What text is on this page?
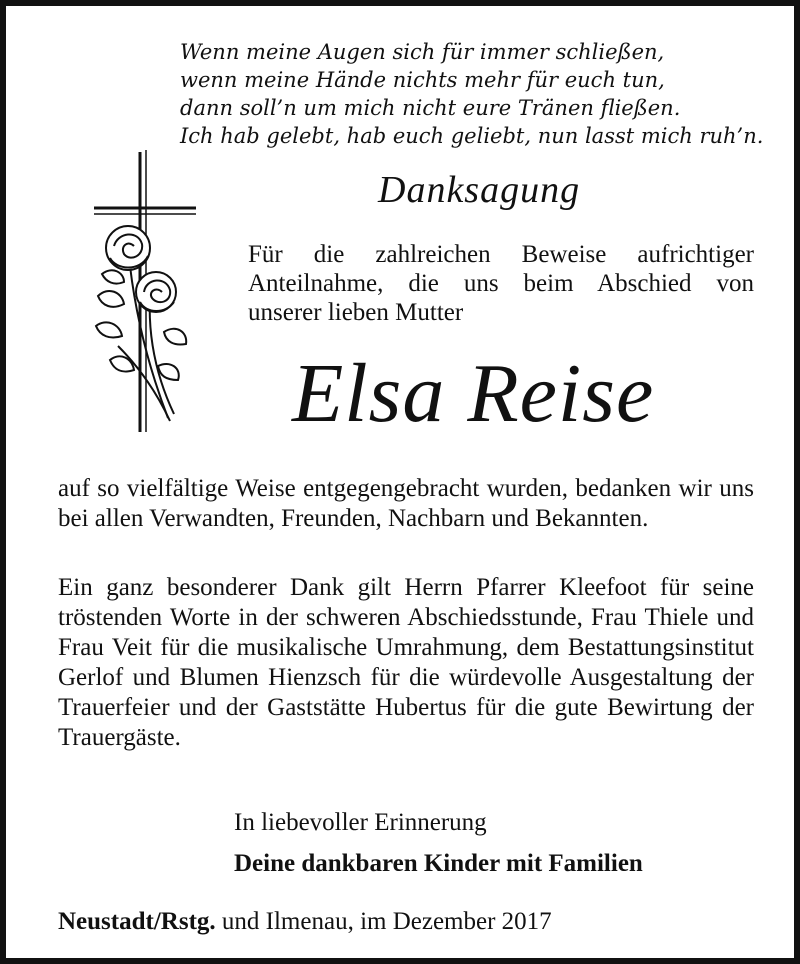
Wenn meine Augen sich für immer schließen,
wenn meine Hände nichts mehr für euch tun,
dann soll’n um mich nicht eure Tränen fließen.
Ich hab gelebt, hab euch geliebt, nun lasst mich ruh’n.
Danksagung
Für die zahlreichen Beweise aufrichtiger
Anteilnahme, die uns beim Abschied von
unserer lieben Mutter
Elsa Reise
auf so vielfältige Weise entgegengebracht wurden, bedanken wir uns bei allen Verwandten, Freunden, Nachbarn und Bekannten.
Ein ganz besonderer Dank gilt Herrn Pfarrer Kleefoot für seine tröstenden Worte in der schweren Abschiedsstunde, Frau Thiele und Frau Veit für die musikalische Umrahmung, dem Bestattungsinstitut Gerlof und Blumen Hienzsch für die würdevolle Ausgestaltung der Trauerfeier und der Gaststätte Hubertus für die gute Bewirtung der Trauergäste.
In liebevoller Erinnerung
Deine dankbaren Kinder mit Familien
Neustadt/Rstg. und Ilmenau, im Dezember 2017
